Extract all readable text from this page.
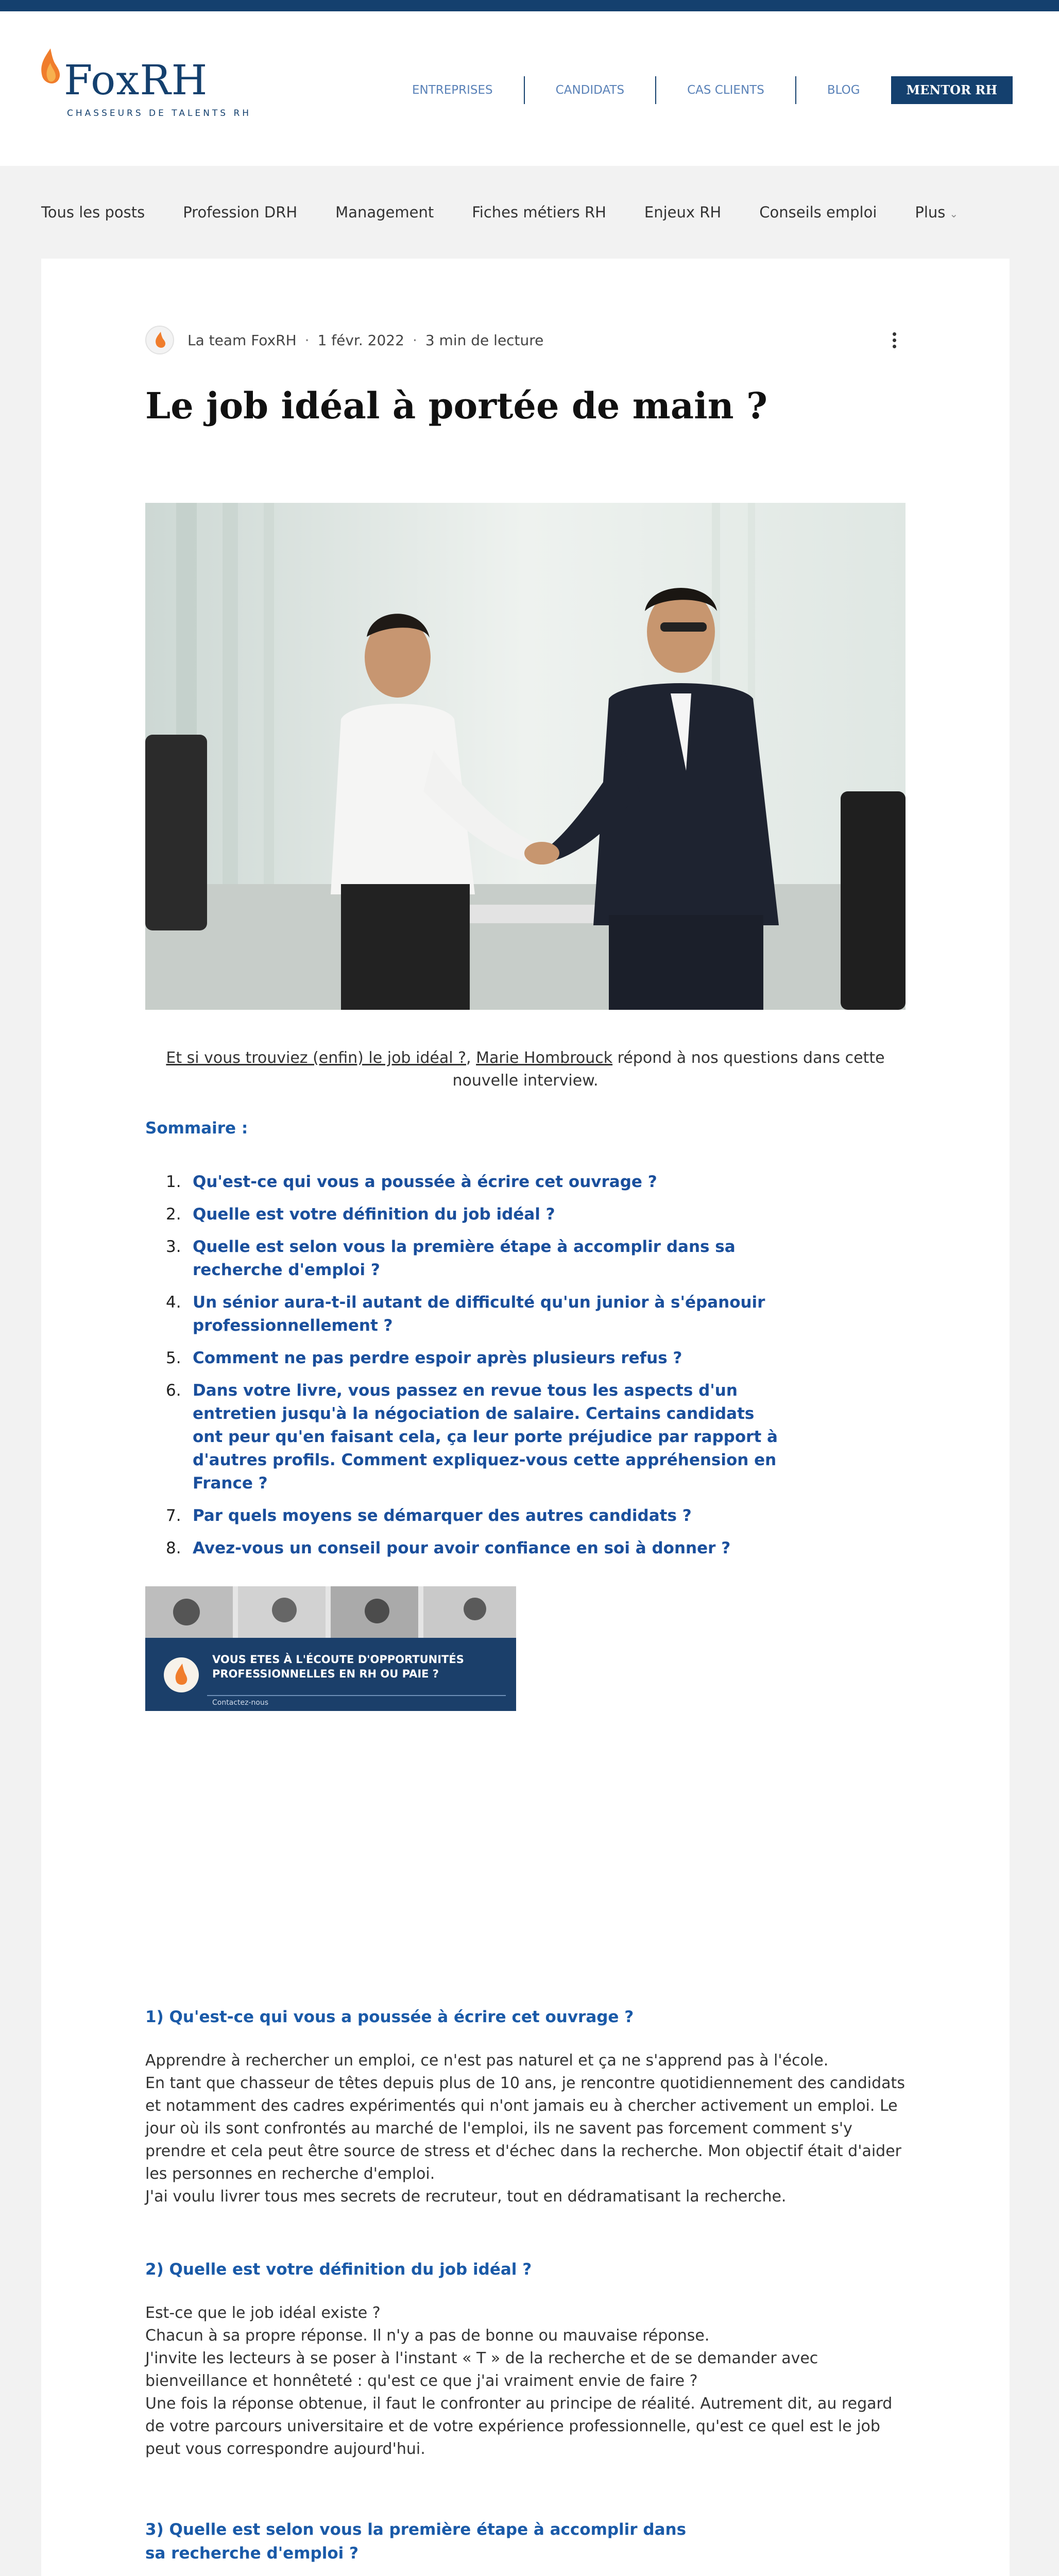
FoxRH
CHASSEURS DE TALENTS RH
ENTREPRISES	CANDIDATS	CAS CLIENTS	BLOG	MENTOR RH
Tous les posts	Profession DRH	Management	Fiches métiers RH	Enjeux RH	Conseils emploi	Plus ⌄
La team FoxRH · 1 févr. 2022 · 3 min de lecture
Le job idéal à portée de main ?
Et si vous trouviez (enfin) le job idéal ?, Marie Hombrouck répond à nos questions dans cette nouvelle interview.
Sommaire :
1. Qu'est-ce qui vous a poussée à écrire cet ouvrage ?
2. Quelle est votre définition du job idéal ?
3. Quelle est selon vous la première étape à accomplir dans sa recherche d'emploi ?
4. Un sénior aura-t-il autant de difficulté qu'un junior à s'épanouir professionnellement ?
5. Comment ne pas perdre espoir après plusieurs refus ?
6. Dans votre livre, vous passez en revue tous les aspects d'un entretien jusqu'à la négociation de salaire. Certains candidats ont peur qu'en faisant cela, ça leur porte préjudice par rapport à d'autres profils. Comment expliquez-vous cette appréhension en France ?
7. Par quels moyens se démarquer des autres candidats ?
8. Avez-vous un conseil pour avoir confiance en soi à donner ?
VOUS ETES À L'ÉCOUTE D'OPPORTUNITÉS
PROFESSIONNELLES EN RH OU PAIE ?
Contactez-nous
1) Qu'est-ce qui vous a poussée à écrire cet ouvrage ?

Apprendre à rechercher un emploi, ce n'est pas naturel et ça ne s'apprend pas à l'école.

En tant que chasseur de têtes depuis plus de 10 ans, je rencontre quotidiennement des candidats et notamment des cadres expérimentés qui n'ont jamais eu à chercher activement un emploi. Le jour où ils sont confrontés au marché de l'emploi, ils ne savent pas forcement comment s'y prendre et cela peut être source de stress et d'échec dans la recherche. Mon objectif était d'aider les personnes en recherche d'emploi.

J'ai voulu livrer tous mes secrets de recruteur, tout en dédramatisant la recherche.

2) Quelle est votre définition du job idéal ?

Est-ce que le job idéal existe ?

Chacun à sa propre réponse. Il n'y a pas de bonne ou mauvaise réponse.

J'invite les lecteurs à se poser à l'instant « T » de la recherche et de se demander avec bienveillance et honnêteté : qu'est ce que j'ai vraiment envie de faire ?

Une fois la réponse obtenue, il faut le confronter au principe de réalité. Autrement dit, au regard de votre parcours universitaire et de votre expérience professionnelle, qu'est ce quel est le job peut vous correspondre aujourd'hui.

3) Quelle est selon vous la première étape à accomplir dans sa recherche d'emploi ?
